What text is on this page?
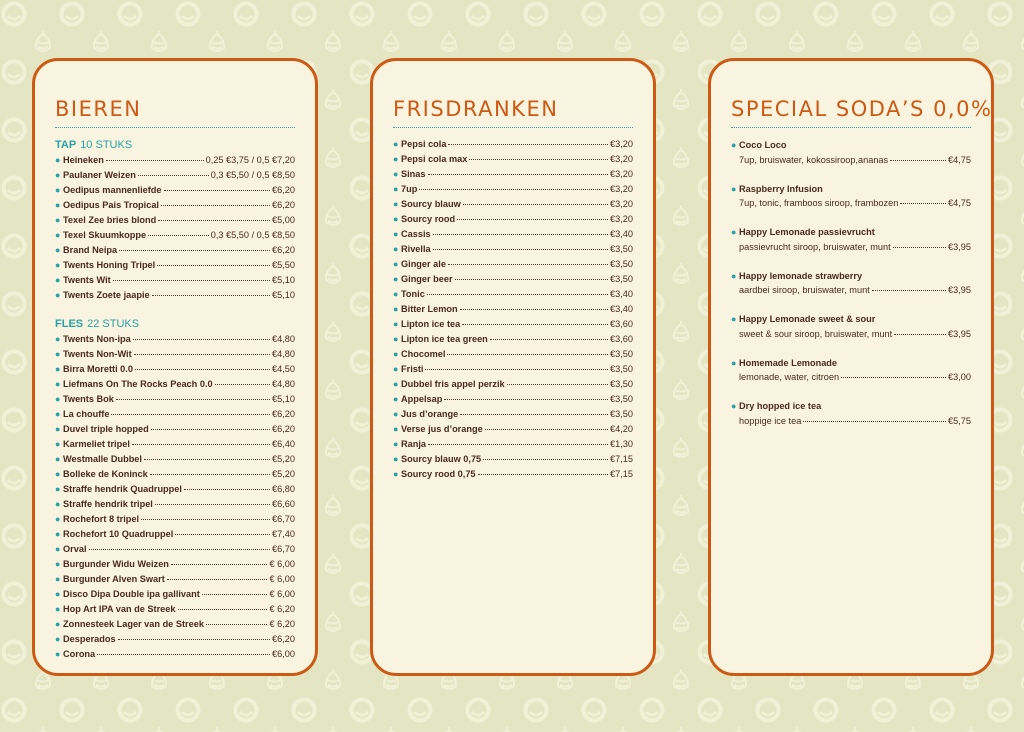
BIEREN
TAP 10 STUKS
● Heineken	0,25 €3,75 / 0,5 €7,20
● Paulaner Weizen	0,3 €5,50 / 0,5 €8,50
● Oedipus mannenliefde	€6,20
● Oedipus Pais Tropical	€6,20
● Texel Zee bries blond	€5,00
● Texel Skuumkoppe	0,3 €5,50 / 0,5 €8,50
● Brand Neipa	€6,20
● Twents Honing Tripel	€5,50
● Twents Wit	€5,10
● Twents Zoete jaapie	€5,10
FLES 22 STUKS
● Twents Non-ipa	€4,80
● Twents Non-Wit	€4,80
● Birra Moretti 0.0	€4,50
● Liefmans On The Rocks Peach 0.0	€4,80
● Twents Bok	€5,10
● La chouffe	€6,20
● Duvel triple hopped	€6,20
● Karmeliet tripel	€6,40
● Westmalle Dubbel	€5,20
● Bolleke de Koninck	€5,20
● Straffe hendrik Quadruppel	€6,80
● Straffe hendrik tripel	€6,60
● Rochefort 8 tripel	€6,70
● Rochefort 10 Quadruppel	€7,40
● Orval	€6,70
● Burgunder Widu Weizen	€ 6,00
● Burgunder Alven Swart	€ 6,00
● Disco Dipa Double ipa gallivant	€ 6,00
● Hop Art IPA van de Streek	€ 6,20
● Zonnesteek Lager van de Streek	€ 6,20
● Desperados	€6,20
● Corona	€6,00
FRISDRANKEN
● Pepsi cola	€3,20
● Pepsi cola max	€3,20
● Sinas	€3,20
● 7up	€3,20
● Sourcy blauw	€3,20
● Sourcy rood	€3,20
● Cassis	€3,40
● Rivella	€3,50
● Ginger ale	€3,50
● Ginger beer	€3,50
● Tonic	€3,40
● Bitter Lemon	€3,40
● Lipton ice tea	€3,60
● Lipton ice tea green	€3,60
● Chocomel	€3,50
● Fristi	€3,50
● Dubbel fris appel perzik	€3,50
● Appelsap	€3,50
● Jus d’orange	€3,50
● Verse jus d’orange	€4,20
● Ranja	€1,30
● Sourcy blauw 0,75	€7,15
● Sourcy rood 0,75	€7,15
SPECIAL SODA’S 0,0%
● Coco Loco
7up, bruiswater, kokossiroop,ananas	€4,75
● Raspberry Infusion
7up, tonic, framboos siroop, frambozen	€4,75
● Happy Lemonade passievrucht
passievrucht siroop, bruiswater, munt	€3,95
● Happy lemonade strawberry
aardbei siroop, bruiswater, munt	€3,95
● Happy Lemonade sweet & sour
sweet & sour siroop, bruiswater, munt	€3,95
● Homemade Lemonade
lemonade, water, citroen	€3,00
● Dry hopped ice tea
hoppige ice tea	€5,75
